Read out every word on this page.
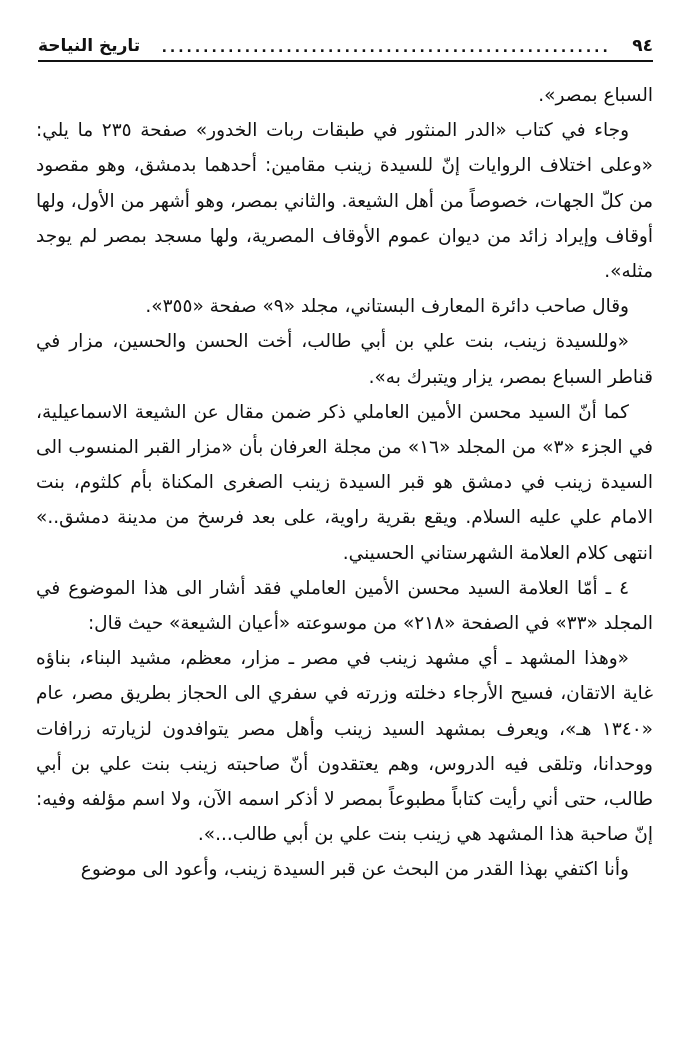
٩٤
......................................................
تاريخ النياحة

السباع بمصر».

وجاء في كتاب «الدر المنثور في طبقات ربات الخدور» صفحة ٢٣٥ ما يلي: «وعلى اختلاف الروايات إنّ للسيدة زينب مقامين: أحدهما بدمشق، وهو مقصود من كلّ الجهات، خصوصاً من أهل الشيعة. والثاني بمصر، وهو أشهر من الأول، ولها أوقاف وإيراد زائد من ديوان عموم الأوقاف المصرية، ولها مسجد بمصر لم يوجد مثله».

وقال صاحب دائرة المعارف البستاني، مجلد «٩» صفحة «٣٥٥».

«وللسيدة زينب، بنت علي بن أبي طالب، أخت الحسن والحسين، مزار في قناطر السباع بمصر، يزار ويتبرك به».

كما أنّ السيد محسن الأمين العاملي ذكر ضمن مقال عن الشيعة الاسماعيلية، في الجزء «٣» من المجلد «١٦» من مجلة العرفان بأن «مزار القبر المنسوب الى السيدة زينب في دمشق هو قبر السيدة زينب الصغرى المكناة بأم كلثوم، بنت الامام علي عليه السلام. ويقع بقرية راوية، على بعد فرسخ من مدينة دمشق..» انتهى كلام العلامة الشهرستاني الحسيني.

٤ ـ أمّا العلامة السيد محسن الأمين العاملي فقد أشار الى هذا الموضوع في المجلد «٣٣» في الصفحة «٢١٨» من موسوعته «أعيان الشيعة» حيث قال:

«وهذا المشهد ـ أي مشهد زينب في مصر ـ مزار، معظم، مشيد البناء، بناؤه غاية الاتقان، فسيح الأرجاء دخلته وزرته في سفري الى الحجاز بطريق مصر، عام «١٣٤٠ هـ»، ويعرف بمشهد السيد زينب وأهل مصر يتوافدون لزيارته زرافات ووحدانا، وتلقى فيه الدروس، وهم يعتقدون أنّ صاحبته زينب بنت علي بن أبي طالب، حتى أني رأيت كتاباً مطبوعاً بمصر لا أذكر اسمه الآن، ولا اسم مؤلفه وفيه: إنّ صاحبة هذا المشهد هي زينب بنت علي بن أبي طالب...».

وأنا اكتفي بهذا القدر من البحث عن قبر السيدة زينب، وأعود الى موضوع
